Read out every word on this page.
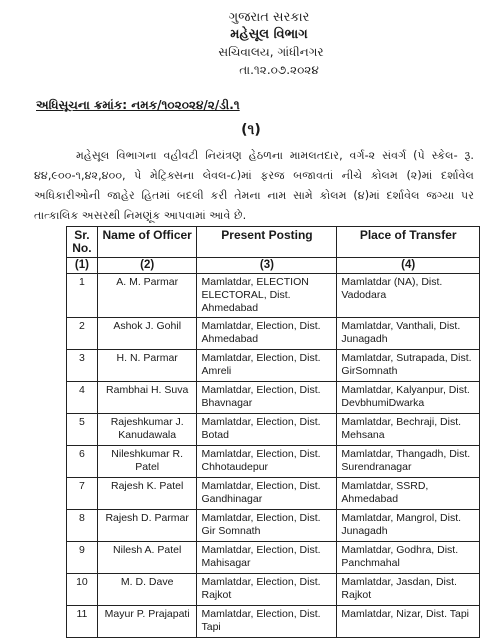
ગુજરાત સરકાર
મહેસૂલ વિભાગ
સચિવાલય, ગાંધીનગર
તા.૧૨.૦૭.૨૦૨૪
અધિસૂચના ક્રમાંક: નમક/૧૦૨૦૨૪/૨/ડી.૧
(૧)
મહેસૂલ વિભાગના વહીવટી નિયંત્રણ હેઠળના મામલતદાર, વર્ગ-૨ સંવર્ગ (પે સ્કેલ- રૂ. ૪૪,૯૦૦-૧,૪૨,૪૦૦, પે મેટ્રિક્સના લેવલ-૮)માં ફરજ બજાવતાં નીચે કોલમ (૨)માં દર્શાવેલ અધિકારીઓની જાહેર હિતમાં બદલી કરી તેમના નામ સામે કોલમ (૪)માં દર્શાવેલ જગ્યા પર તાત્કાલિક અસરથી નિમણૂંક આપવામાં આવે છે.
Sr. No.	Name of Officer	Present Posting	Place of Transfer
(1)	(2)	(3)	(4)
1	A. M. Parmar	Mamlatdar, ELECTION ELECTORAL, Dist. Ahmedabad	Mamlatdar (NA), Dist. Vadodara
2	Ashok J. Gohil	Mamlatdar, Election, Dist. Ahmedabad	Mamlatdar, Vanthali, Dist. Junagadh
3	H. N. Parmar	Mamlatdar, Election, Dist. Amreli	Mamlatdar, Sutrapada, Dist. GirSomnath
4	Rambhai H. Suva	Mamlatdar, Election, Dist. Bhavnagar	Mamlatdar, Kalyanpur, Dist. DevbhumiDwarka
5	Rajeshkumar J. Kanudawala	Mamlatdar, Election, Dist. Botad	Mamlatdar, Bechraji, Dist. Mehsana
6	Nileshkumar R. Patel	Mamlatdar, Election, Dist. Chhotaudepur	Mamlatdar, Thangadh, Dist. Surendranagar
7	Rajesh K. Patel	Mamlatdar, Election, Dist. Gandhinagar	Mamlatdar, SSRD, Ahmedabad
8	Rajesh D. Parmar	Mamlatdar, Election, Dist. Gir Somnath	Mamlatdar, Mangrol, Dist. Junagadh
9	Nilesh A. Patel	Mamlatdar, Election, Dist. Mahisagar	Mamlatdar, Godhra, Dist. Panchmahal
10	M. D. Dave	Mamlatdar, Election, Dist. Rajkot	Mamlatdar, Jasdan, Dist. Rajkot
11	Mayur P. Prajapati	Mamlatdar, Election, Dist. Tapi	Mamlatdar, Nizar, Dist. Tapi
